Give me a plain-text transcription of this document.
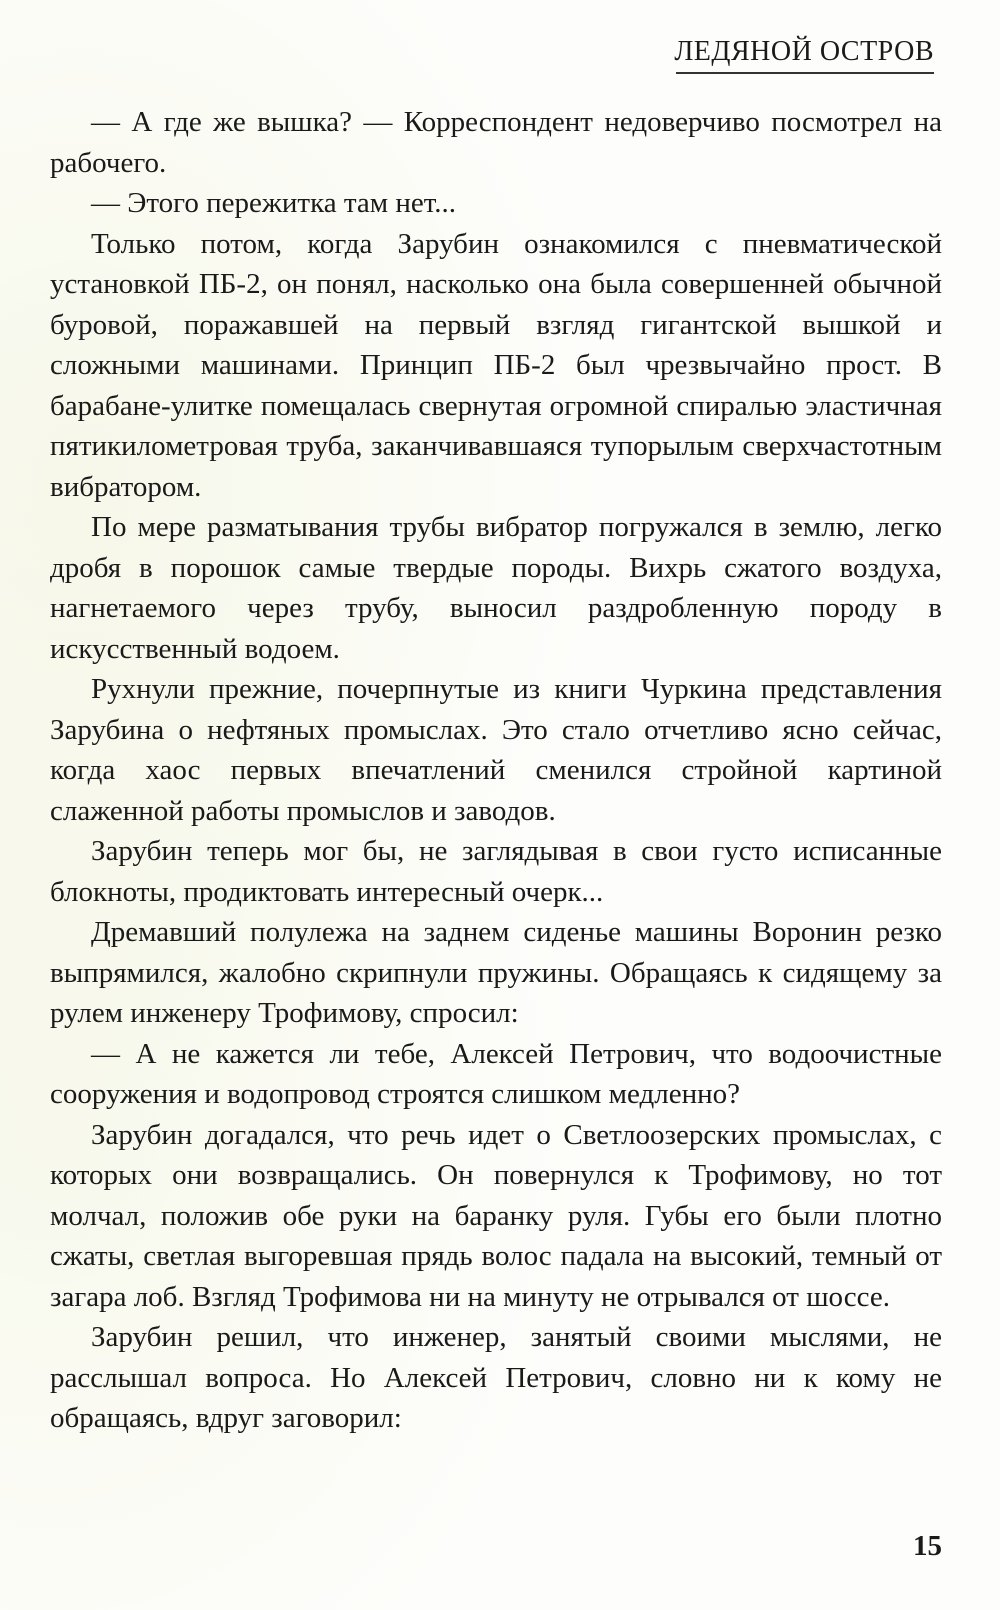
ЛЕДЯНОЙ ОСТРОВ

— А где же вышка? — Корреспондент недоверчиво посмотрел на рабочего.

— Этого пережитка там нет...

Только потом, когда Зарубин ознакомился с пневматической установкой ПБ-2, он понял, насколько она была совершенней обычной буровой, поражавшей на первый взгляд гигантской вышкой и сложными машинами. Принцип ПБ-2 был чрезвычайно прост. В барабане-улитке помещалась свернутая огромной спиралью эластичная пятикилометровая труба, заканчивавшаяся тупорылым сверхчастотным вибратором.

По мере разматывания трубы вибратор погружался в землю, легко дробя в порошок самые твердые породы. Вихрь сжатого воздуха, нагнетаемого через трубу, выносил раздробленную породу в искусственный водоем.

Рухнули прежние, почерпнутые из книги Чуркина представления Зарубина о нефтяных промыслах. Это стало отчетливо ясно сейчас, когда хаос первых впечатлений сменился стройной картиной слаженной работы промыслов и заводов.

Зарубин теперь мог бы, не заглядывая в свои густо исписанные блокноты, продиктовать интересный очерк...

Дремавший полулежа на заднем сиденье машины Воронин резко выпрямился, жалобно скрипнули пружины. Обращаясь к сидящему за рулем инженеру Трофимову, спросил:

— А не кажется ли тебе, Алексей Петрович, что водоочистные сооружения и водопровод строятся слишком медленно?

Зарубин догадался, что речь идет о Светлоозерских промыслах, с которых они возвращались. Он повернулся к Трофимову, но тот молчал, положив обе руки на баранку руля. Губы его были плотно сжаты, светлая выгоревшая прядь волос падала на высокий, темный от загара лоб. Взгляд Трофимова ни на минуту не отрывался от шоссе.

Зарубин решил, что инженер, занятый своими мыслями, не расслышал вопроса. Но Алексей Петрович, словно ни к кому не обращаясь, вдруг заговорил:

15
